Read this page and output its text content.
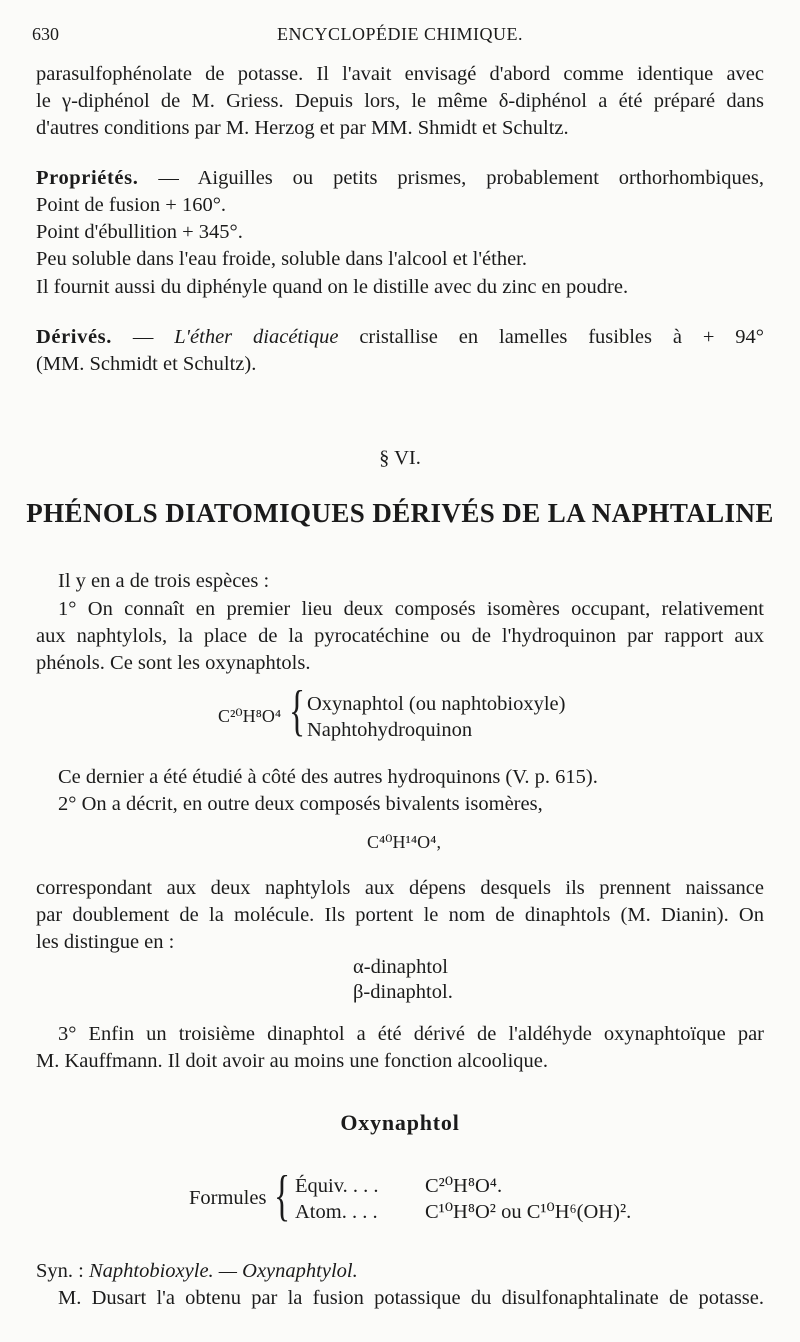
630	ENCYCLOPÉDIE CHIMIQUE.
parasulfophénolate de potasse. Il l'avait envisagé d'abord comme identique avec
le γ-diphénol de M. Griess. Depuis lors, le même δ-diphénol a été préparé dans
d'autres conditions par M. Herzog et par MM. Shmidt et Schultz.
Propriétés. — Aiguilles ou petits prismes, probablement orthorhombiques,
Point de fusion + 160°.
Point d'ébullition + 345°.
Peu soluble dans l'eau froide, soluble dans l'alcool et l'éther.
Il fournit aussi du diphényle quand on le distille avec du zinc en poudre.
Dérivés. — L'éther diacétique cristallise en lamelles fusibles à + 94°
(MM. Schmidt et Schultz).
§ VI.
PHÉNOLS DIATOMIQUES DÉRIVÉS DE LA NAPHTALINE
Il y en a de trois espèces :
1° On connaît en premier lieu deux composés isomères occupant, relativement
aux naphtylols, la place de la pyrocatéchine ou de l'hydroquinon par rapport aux
phénols. Ce sont les oxynaphtols.
C²⁰H⁸O⁴ { Oxynaphtol (ou naphtobioxyle)
Naphtohydroquinon
Ce dernier a été étudié à côté des autres hydroquinons (V. p. 615).
2° On a décrit, en outre deux composés bivalents isomères,
C⁴⁰H¹⁴O⁴,
correspondant aux deux naphtylols aux dépens desquels ils prennent naissance
par doublement de la molécule. Ils portent le nom de dinaphtols (M. Dianin). On
les distingue en :
α-dinaphtol
β-dinaphtol.
3° Enfin un troisième dinaphtol a été dérivé de l'aldéhyde oxynaphtoïque par
M. Kauffmann. Il doit avoir au moins une fonction alcoolique.
Oxynaphtol
Formules { Équiv. . . . C²⁰H⁸O⁴.
Atom. . . . C¹⁰H⁸O² ou C¹⁰H⁶(OH)².
Syn. : Naphtobioxyle. — Oxynaphtylol.
M. Dusart l'a obtenu par la fusion potassique du disulfonaphtalinate de potasse.
